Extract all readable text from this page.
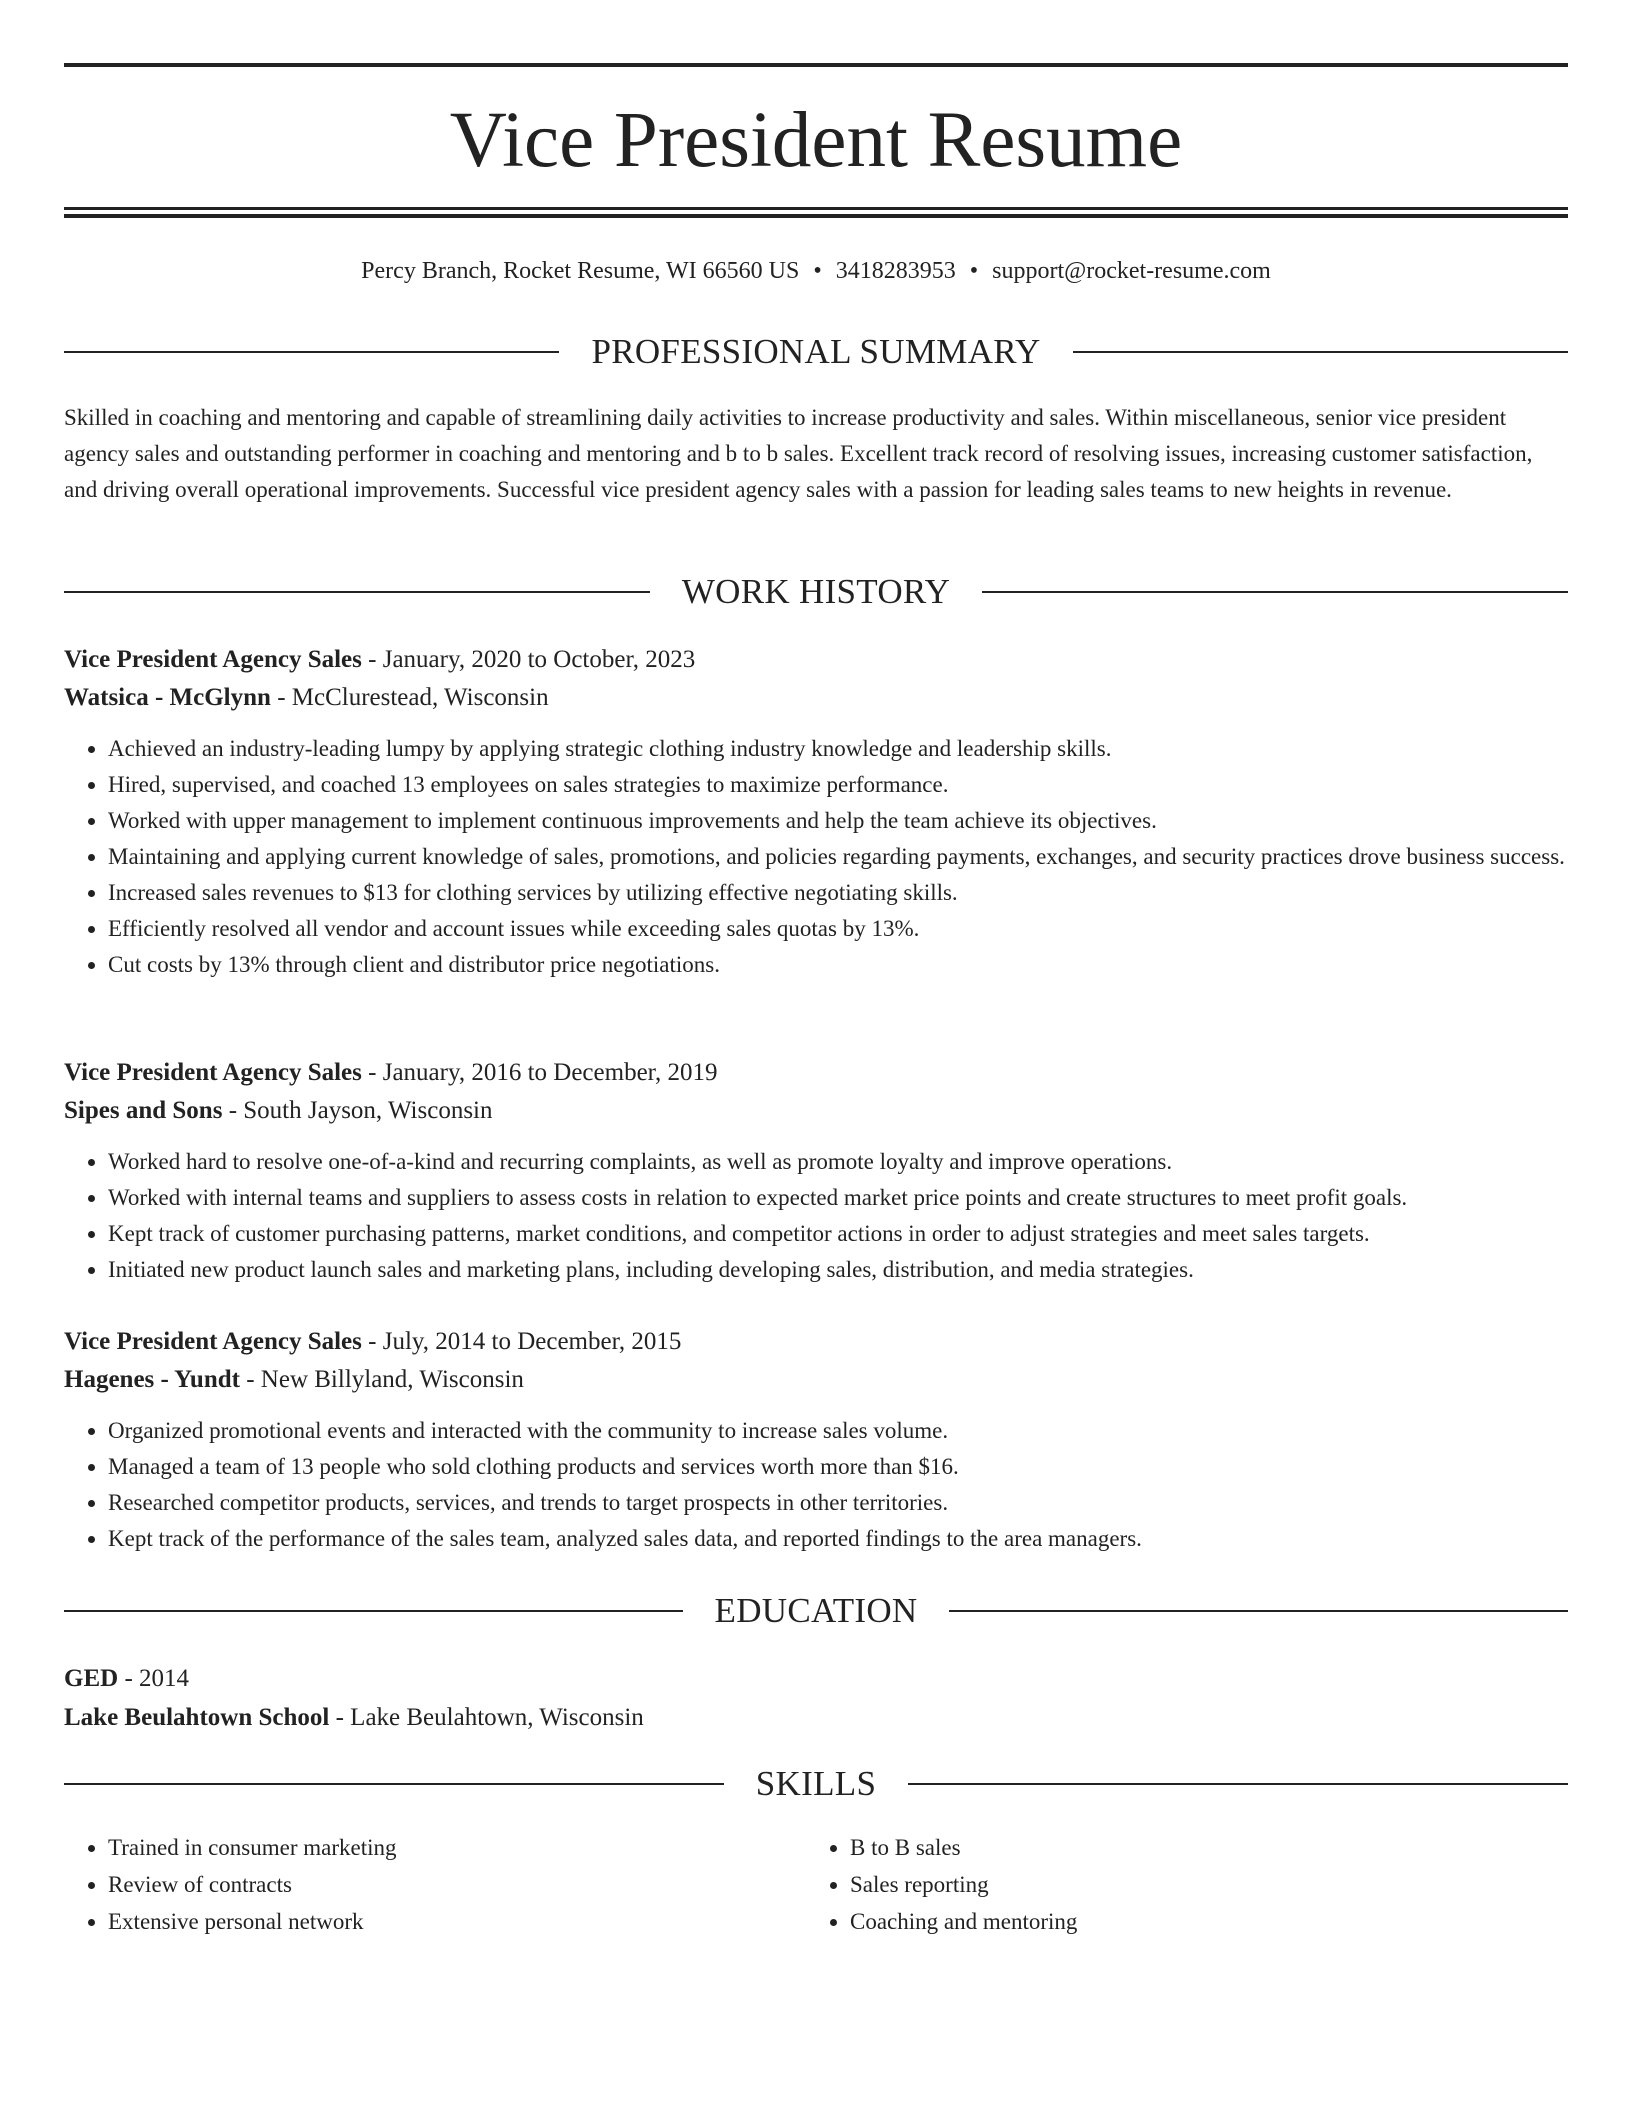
Vice President Resume
Percy Branch, Rocket Resume, WI 66560 US • 3418283953 • support@rocket-resume.com
PROFESSIONAL SUMMARY

Skilled in coaching and mentoring and capable of streamlining daily activities to increase productivity and sales. Within miscellaneous, senior vice president agency sales and outstanding performer in coaching and mentoring and b to b sales. Excellent track record of resolving issues, increasing customer satisfaction, and driving overall operational improvements. Successful vice president agency sales with a passion for leading sales teams to new heights in revenue.

WORK HISTORY

Vice President Agency Sales - January, 2020 to October, 2023

Watsica - McGlynn - McClurestead, Wisconsin

• Achieved an industry-leading lumpy by applying strategic clothing industry knowledge and leadership skills.
• Hired, supervised, and coached 13 employees on sales strategies to maximize performance.
• Worked with upper management to implement continuous improvements and help the team achieve its objectives.
• Maintaining and applying current knowledge of sales, promotions, and policies regarding payments, exchanges, and security practices drove business success.
• Increased sales revenues to $13 for clothing services by utilizing effective negotiating skills.
• Efficiently resolved all vendor and account issues while exceeding sales quotas by 13%.
• Cut costs by 13% through client and distributor price negotiations.

Vice President Agency Sales - January, 2016 to December, 2019

Sipes and Sons - South Jayson, Wisconsin

• Worked hard to resolve one-of-a-kind and recurring complaints, as well as promote loyalty and improve operations.
• Worked with internal teams and suppliers to assess costs in relation to expected market price points and create structures to meet profit goals.
• Kept track of customer purchasing patterns, market conditions, and competitor actions in order to adjust strategies and meet sales targets.
• Initiated new product launch sales and marketing plans, including developing sales, distribution, and media strategies.

Vice President Agency Sales - July, 2014 to December, 2015

Hagenes - Yundt - New Billyland, Wisconsin

• Organized promotional events and interacted with the community to increase sales volume.
• Managed a team of 13 people who sold clothing products and services worth more than $16.
• Researched competitor products, services, and trends to target prospects in other territories.
• Kept track of the performance of the sales team, analyzed sales data, and reported findings to the area managers.
EDUCATION

GED - 2014

Lake Beulahtown School - Lake Beulahtown, Wisconsin

SKILLS
• Trained in consumer marketing
• Review of contracts
• Extensive personal network
• B to B sales
• Sales reporting
• Coaching and mentoring
